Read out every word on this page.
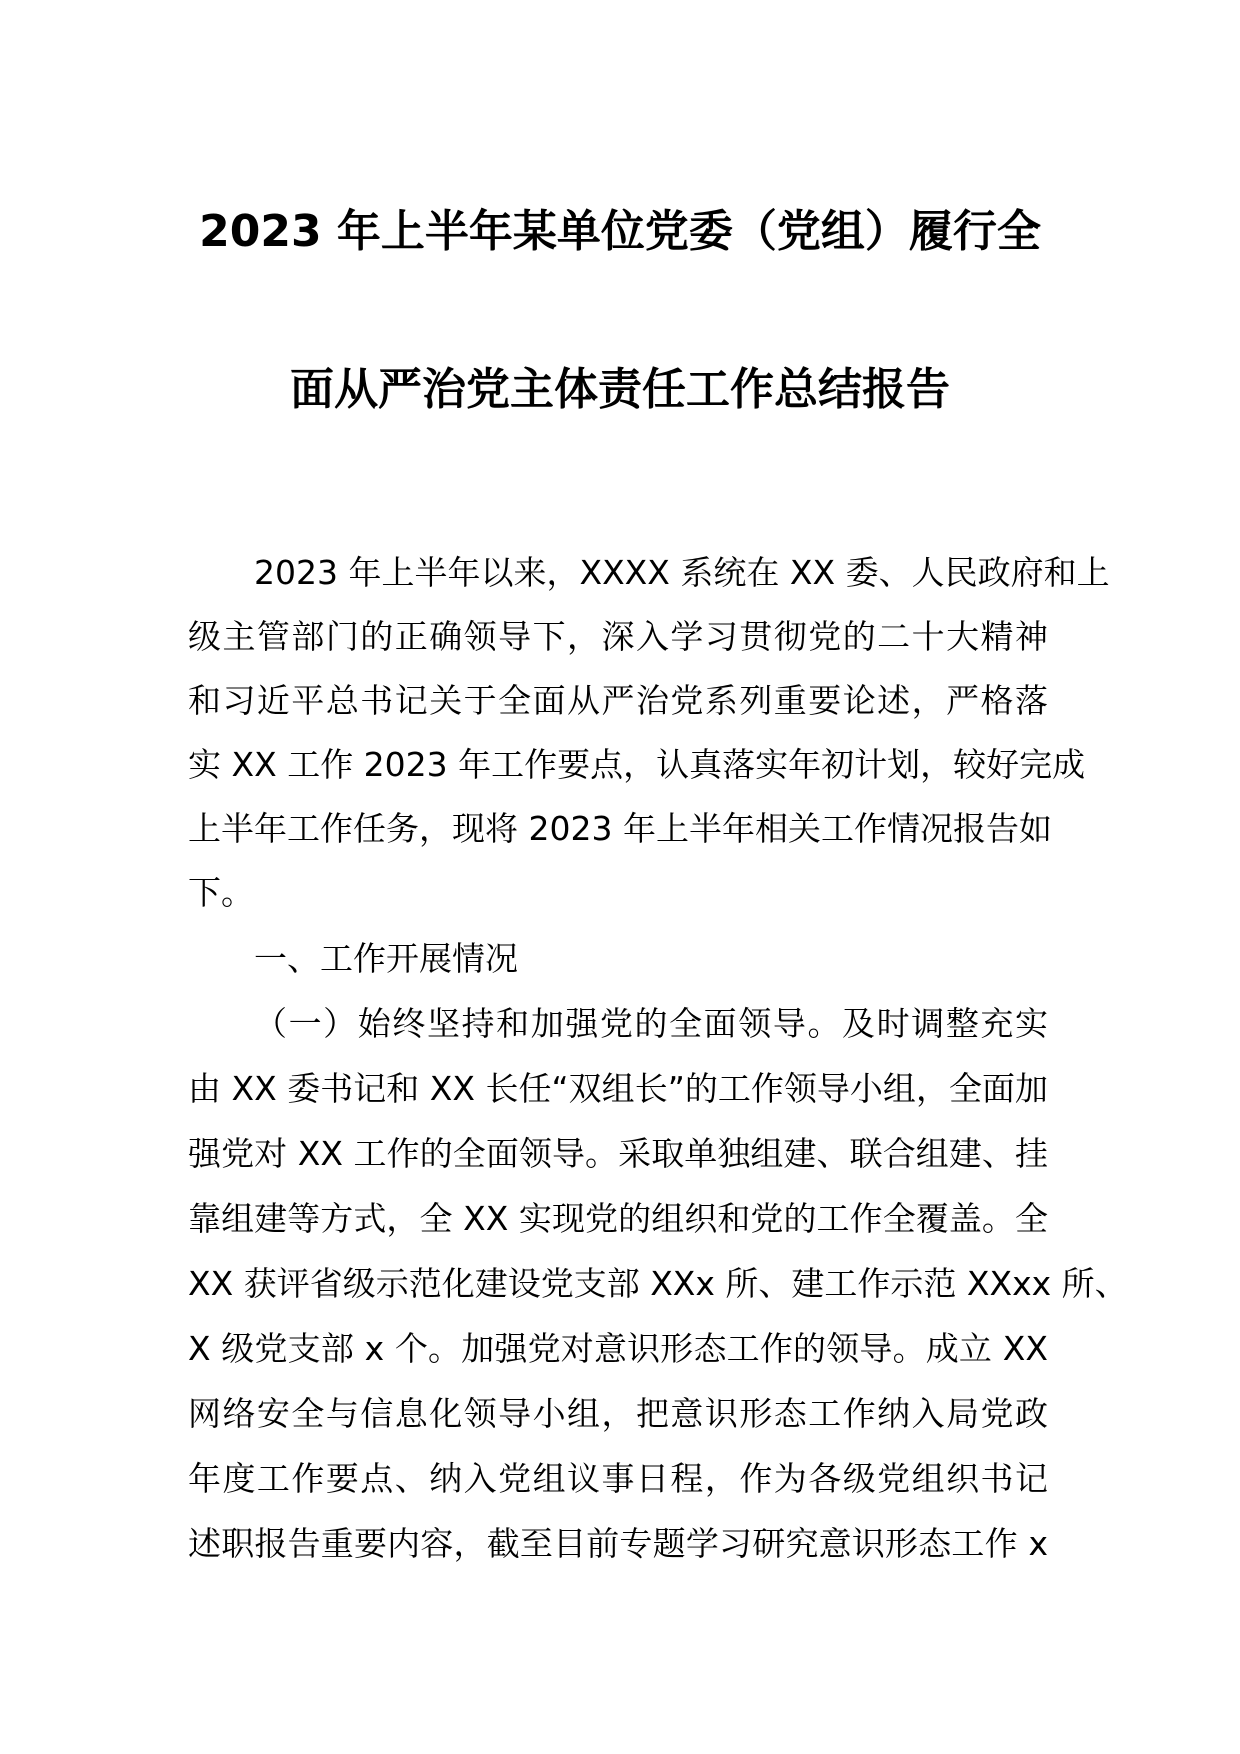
2023 年上半年某单位党委（党组）履行全
面从严治党主体责任工作总结报告
2023 年上半年以来，XXXX 系统在 XX 委、人民政府和上
级主管部门的正确领导下，深入学习贯彻党的二十大精神
和习近平总书记关于全面从严治党系列重要论述，严格落
实 XX 工作 2023 年工作要点，认真落实年初计划，较好完成
上半年工作任务，现将 2023 年上半年相关工作情况报告如
下。
一、工作开展情况
（一）始终坚持和加强党的全面领导。及时调整充实
由 XX 委书记和 XX 长任“双组长”的工作领导小组，全面加
强党对 XX 工作的全面领导。采取单独组建、联合组建、挂
靠组建等方式，全 XX 实现党的组织和党的工作全覆盖。全
XX 获评省级示范化建设党支部 XXx 所、建工作示范 XXxx 所、
X 级党支部 x 个。加强党对意识形态工作的领导。成立 XX
网络安全与信息化领导小组，把意识形态工作纳入局党政
年度工作要点、纳入党组议事日程，作为各级党组织书记
述职报告重要内容，截至目前专题学习研究意识形态工作 x
